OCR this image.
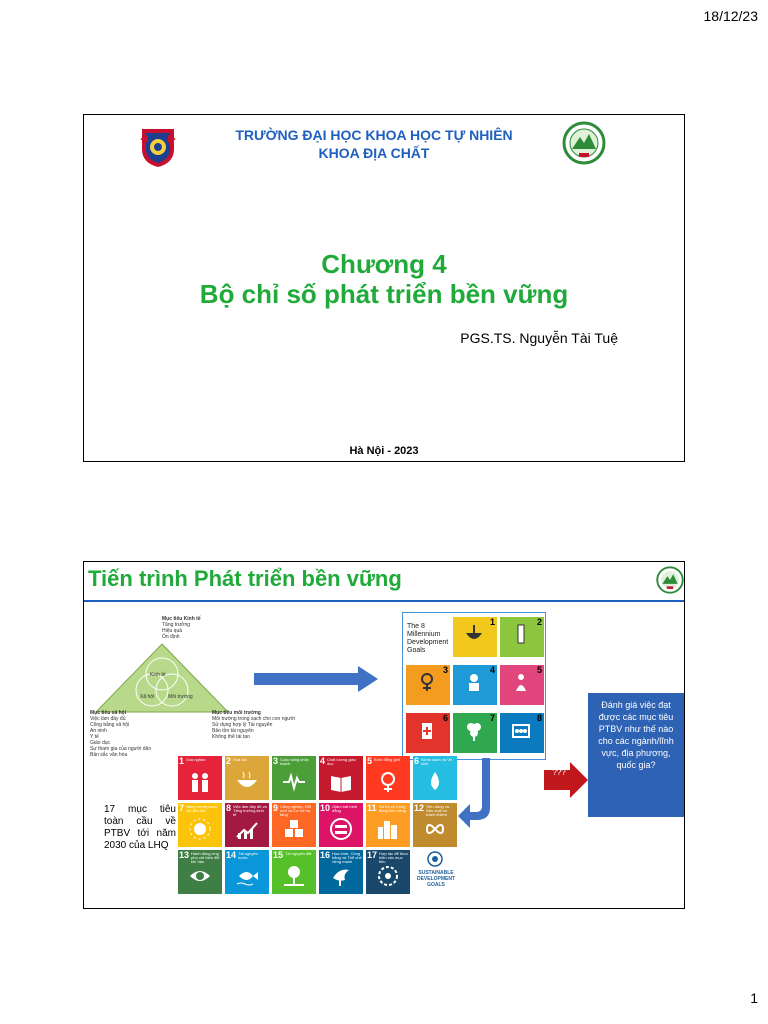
18/12/23
TRƯỜNG ĐẠI HỌC KHOA HỌC TỰ NHIÊN
KHOA ĐỊA CHẤT
Chương 4
Bộ chỉ số phát triển bền vững
PGS.TS. Nguyễn Tài Tuệ
Hà Nội - 2023
Tiến trình Phát triển bền vững
Kinh tế
Xã hội	Môi trường
Mục tiêu Kinh tế
Tăng trưởng
Hiệu quả
Ổn định
Mục tiêu xã hội
Việc làm đầy đủ
Công bằng xã hội
An ninh
Y tế
Giáo dục
Sự tham gia của người dân
Bản sắc văn hóa
Mục tiêu môi trường
Môi trường trong sạch cho con người
Sử dụng hợp lý Tài nguyên
Bảo tồn tài nguyên
Không thể tái tạo
The 8
Millennium
Development
Goals
1	2
3	4	5
6	7	8
1 Xóa nghèo	2 Xóa đói	3 Cuộc sống khỏe mạnh	4 Chất lượng giáo dục	5 Bình đẳng giới	6 Nước sạch và Vệ sinh
7 Năng lượng sạch và hiện đại	8 Việc làm đầy đủ và Tăng trưởng kinh tế
9 Công nghiệp, Đổi mới và Cơ sở hạ tầng
10 Giảm bất bình đẳng	11 Đô thị và Cộng đồng bền vững 12 Tiêu dùng và Sản xuất có trách nhiệm
13 Hành động ứng phó với biến đổi khí hậu
14 Tài nguyên nước	15 Tài nguyên đất 16 Hòa bình, Công bằng và Thể chế vững mạnh
17 Hợp tác để thực hiện các mục tiêu
SUSTAINABLE
DEVELOPMENT
GOALS
17 mục tiêu toàn cầu về PTBV tới năm 2030 của LHQ
???
Đánh giá việc đạt được các mục tiêu PTBV như thế nào cho các ngành/lĩnh vực, địa phương, quốc gia?
1
